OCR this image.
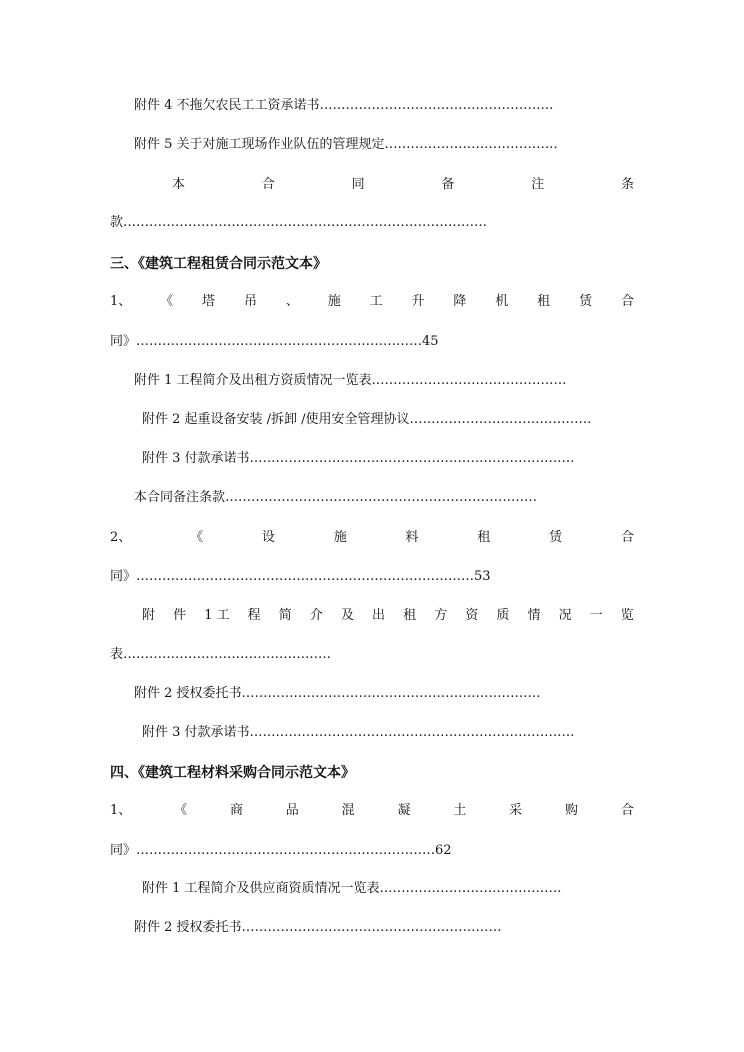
附件 4 不拖欠农民工工资承诺书………………………………………………
附件 5 关于对施工现场作业队伍的管理规定…………………………………．
本	合	同	备	注	条
款…………………………………………………………………………
三、《建筑工程租赁合同示范文本》
1、 《 塔 吊 、 施 工 升 降 机 租 赁 合
同》…………………………………………………………45
附件 1 工程简介及出租方资质情况一览表………………………………………
附件 2 起重设备安装 /拆卸 /使用安全管理协议……………………………………
附件 3 付款承诺书…………………………………………………………………
本合同备注条款………………………………………………………………
2、	《	设	施	料	租	赁	合
同》……………………………………………………………………53
附 件 1 工 程 简 介 及 出 租 方 资 质 情 况 一 览
表…………………………………………
附件 2 授权委托书……………………………………………………………
附件 3 付款承诺书…………………………………………………………………
四、《建筑工程材料采购合同示范文本》
1、	《	商	品	混	凝	土	采	购	合
同》……………………………………………………………62
附件 1 工程简介及供应商资质情况一览表……………………………………
附件 2 授权委托书……………………………………………………
